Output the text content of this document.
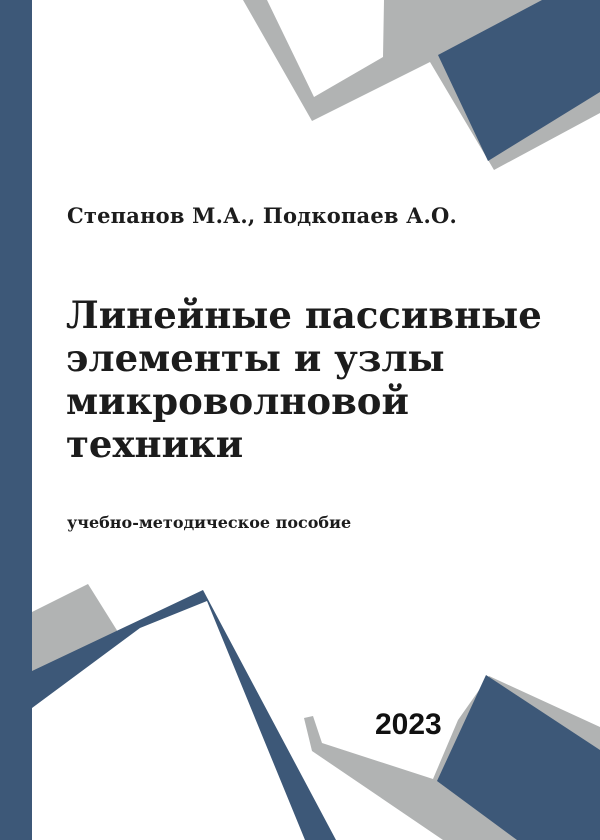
Степанов М.А., Подкопаев А.О.
Линейные пассивные
элементы и узлы
микроволновой
техники
учебно-методическое пособие
2023
